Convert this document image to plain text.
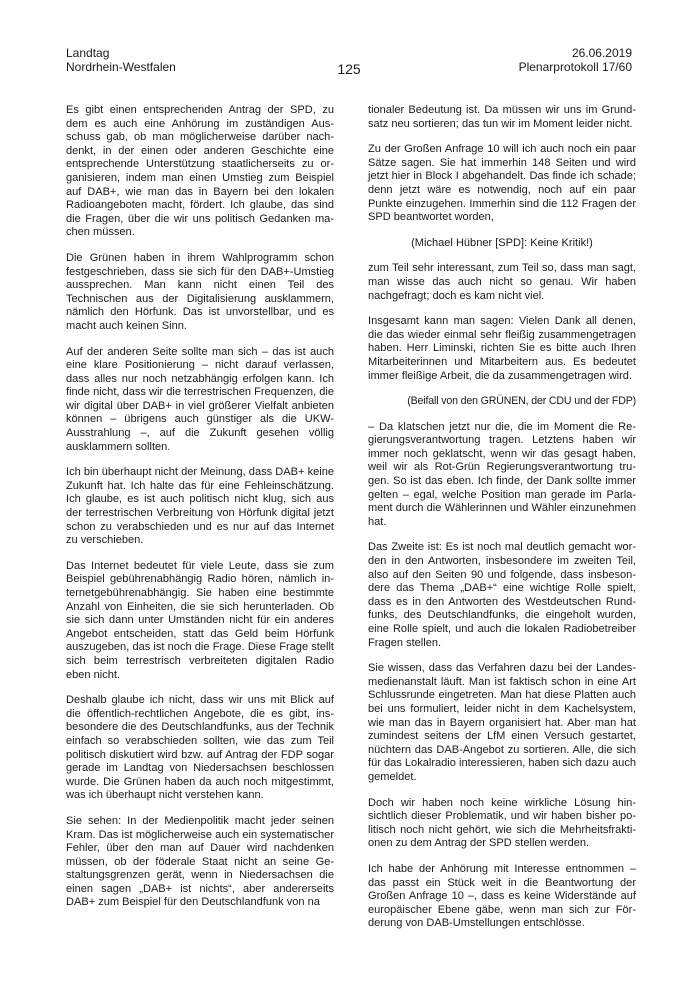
Landtag
Nordrhein-Westfalen	125
26.06.2019
Plenarprotokoll 17/60

Es gibt einen entsprechenden Antrag der SPD, zu dem es auch eine Anhörung im zuständigen Ausschuss gab, ob man möglicherweise darüber nachdenkt, in der einen oder anderen Geschichte eine entsprechende Unterstützung staatlicherseits zu organisieren, indem man einen Umstieg zum Beispiel auf DAB+, wie man das in Bayern bei den lokalen Radioangeboten macht, fördert. Ich glaube, das sind die Fragen, über die wir uns politisch Gedanken machen müssen.

Die Grünen haben in ihrem Wahlprogramm schon festgeschrieben, dass sie sich für den DAB+-Umstieg aussprechen. Man kann nicht einen Teil des Technischen aus der Digitalisierung ausklammern, nämlich den Hörfunk. Das ist unvorstellbar, und es macht auch keinen Sinn.

Auf der anderen Seite sollte man sich – das ist auch eine klare Positionierung – nicht darauf verlassen, dass alles nur noch netzabhängig erfolgen kann. Ich finde nicht, dass wir die terrestrischen Frequenzen, die wir digital über DAB+ in viel größerer Vielfalt anbieten können – übrigens auch günstiger als die UKW-Ausstrahlung –, auf die Zukunft gesehen völlig ausklammern sollten.

Ich bin überhaupt nicht der Meinung, dass DAB+ keine Zukunft hat. Ich halte das für eine Fehleinschätzung. Ich glaube, es ist auch politisch nicht klug, sich aus der terrestrischen Verbreitung von Hörfunk digital jetzt schon zu verabschieden und es nur auf das Internet zu verschieben.

Das Internet bedeutet für viele Leute, dass sie zum Beispiel gebührenabhängig Radio hören, nämlich internetgebührenabhängig. Sie haben eine bestimmte Anzahl von Einheiten, die sie sich herunterladen. Ob sie sich dann unter Umständen nicht für ein anderes Angebot entscheiden, statt das Geld beim Hörfunk auszugeben, das ist noch die Frage. Diese Frage stellt sich beim terrestrisch verbreiteten digitalen Radio eben nicht.

Deshalb glaube ich nicht, dass wir uns mit Blick auf die öffentlich-rechtlichen Angebote, die es gibt, insbesondere die des Deutschlandfunks, aus der Technik einfach so verabschieden sollten, wie das zum Teil politisch diskutiert wird bzw. auf Antrag der FDP sogar gerade im Landtag von Niedersachsen beschlossen wurde. Die Grünen haben da auch noch mitgestimmt, was ich überhaupt nicht verstehen kann.

Sie sehen: In der Medienpolitik macht jeder seinen Kram. Das ist möglicherweise auch ein systematischer Fehler, über den man auf Dauer wird nachdenken müssen, ob der föderale Staat nicht an seine Gestaltungsgrenzen gerät, wenn in Niedersachsen die einen sagen „DAB+ ist nichts“, aber andererseits DAB+ zum Beispiel für den Deutschlandfunk von na

tionaler Bedeutung ist. Da müssen wir uns im Grundsatz neu sortieren; das tun wir im Moment leider nicht.

Zu der Großen Anfrage 10 will ich auch noch ein paar Sätze sagen. Sie hat immerhin 148 Seiten und wird jetzt hier in Block I abgehandelt. Das finde ich schade; denn jetzt wäre es notwendig, noch auf ein paar Punkte einzugehen. Immerhin sind die 112 Fragen der SPD beantwortet worden,

(Michael Hübner [SPD]: Keine Kritik!)

zum Teil sehr interessant, zum Teil so, dass man sagt, man wisse das auch nicht so genau. Wir haben nachgefragt; doch es kam nicht viel.

Insgesamt kann man sagen: Vielen Dank all denen, die das wieder einmal sehr fleißig zusammengetragen haben. Herr Liminski, richten Sie es bitte auch Ihren Mitarbeiterinnen und Mitarbeitern aus. Es bedeutet immer fleißige Arbeit, die da zusammengetragen wird.

(Beifall von den GRÜNEN, der CDU und der FDP)

– Da klatschen jetzt nur die, die im Moment die Regierungsverantwortung tragen. Letztens haben wir immer noch geklatscht, wenn wir das gesagt haben, weil wir als Rot-Grün Regierungsverantwortung trugen. So ist das eben. Ich finde, der Dank sollte immer gelten – egal, welche Position man gerade im Parlament durch die Wählerinnen und Wähler einzunehmen hat.

Das Zweite ist: Es ist noch mal deutlich gemacht worden in den Antworten, insbesondere im zweiten Teil, also auf den Seiten 90 und folgende, dass insbesondere das Thema „DAB+“ eine wichtige Rolle spielt, dass es in den Antworten des Westdeutschen Rundfunks, des Deutschlandfunks, die eingeholt wurden, eine Rolle spielt, und auch die lokalen Radiobetreiber Fragen stellen.

Sie wissen, dass das Verfahren dazu bei der Landesmedienanstalt läuft. Man ist faktisch schon in eine Art Schlussrunde eingetreten. Man hat diese Platten auch bei uns formuliert, leider nicht in dem Kachelsystem, wie man das in Bayern organisiert hat. Aber man hat zumindest seitens der LfM einen Versuch gestartet, nüchtern das DAB-Angebot zu sortieren. Alle, die sich für das Lokalradio interessieren, haben sich dazu auch gemeldet.

Doch wir haben noch keine wirkliche Lösung hinsichtlich dieser Problematik, und wir haben bisher politisch noch nicht gehört, wie sich die Mehrheitsfraktionen zu dem Antrag der SPD stellen werden.

Ich habe der Anhörung mit Interesse entnommen – das passt ein Stück weit in die Beantwortung der Großen Anfrage 10 –, dass es keine Widerstände auf europäischer Ebene gäbe, wenn man sich zur Förderung von DAB-Umstellungen entschlösse.
